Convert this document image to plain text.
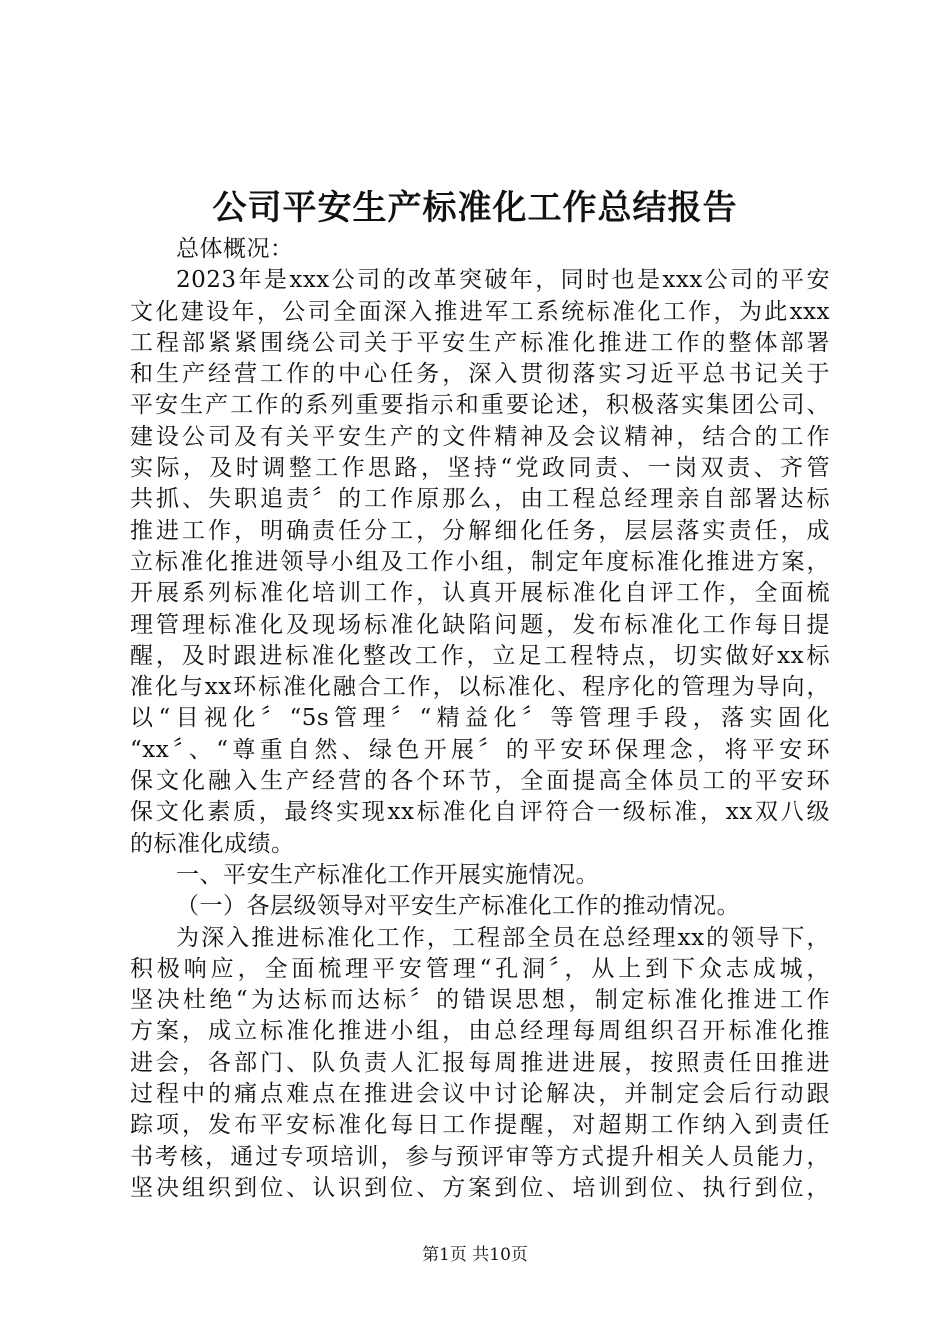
公司平安生产标准化工作总结报告
总体概况：
2023年是xxx公司的改革突破年，同时也是xxx公司的平安
文化建设年，公司全面深入推进军工系统标准化工作，为此xxx
工程部紧紧围绕公司关于平安生产标准化推进工作的整体部署
和生产经营工作的中心任务，深入贯彻落实习近平总书记关于
平安生产工作的系列重要指示和重要论述，积极落实集团公司、
建设公司及有关平安生产的文件精神及会议精神，结合的工作
实际，及时调整工作思路，坚持“党政同责、一岗双责、齐管
共抓、失职追责〞的工作原那么，由工程总经理亲自部署达标
推进工作，明确责任分工，分解细化任务，层层落实责任，成
立标准化推进领导小组及工作小组，制定年度标准化推进方案，
开展系列标准化培训工作，认真开展标准化自评工作，全面梳
理管理标准化及现场标准化缺陷问题，发布标准化工作每日提
醒，及时跟进标准化整改工作，立足工程特点，切实做好xx标
准化与xx环标准化融合工作，以标准化、程序化的管理为导向，
以“目视化〞“5s管理〞“精益化〞等管理手段，落实固化
“xx〞、“尊重自然、绿色开展〞的平安环保理念，将平安环
保文化融入生产经营的各个环节，全面提高全体员工的平安环
保文化素质，最终实现xx标准化自评符合一级标准，xx双八级
的标准化成绩。
一、平安生产标准化工作开展实施情况。
（一）各层级领导对平安生产标准化工作的推动情况。
为深入推进标准化工作，工程部全员在总经理xx的领导下，
积极响应，全面梳理平安管理“孔洞〞，从上到下众志成城，
坚决杜绝“为达标而达标〞的错误思想，制定标准化推进工作
方案，成立标准化推进小组，由总经理每周组织召开标准化推
进会，各部门、队负责人汇报每周推进进展，按照责任田推进
过程中的痛点难点在推进会议中讨论解决，并制定会后行动跟
踪项，发布平安标准化每日工作提醒，对超期工作纳入到责任
书考核，通过专项培训，参与预评审等方式提升相关人员能力，
坚决组织到位、认识到位、方案到位、培训到位、执行到位，
第1页 共10页
